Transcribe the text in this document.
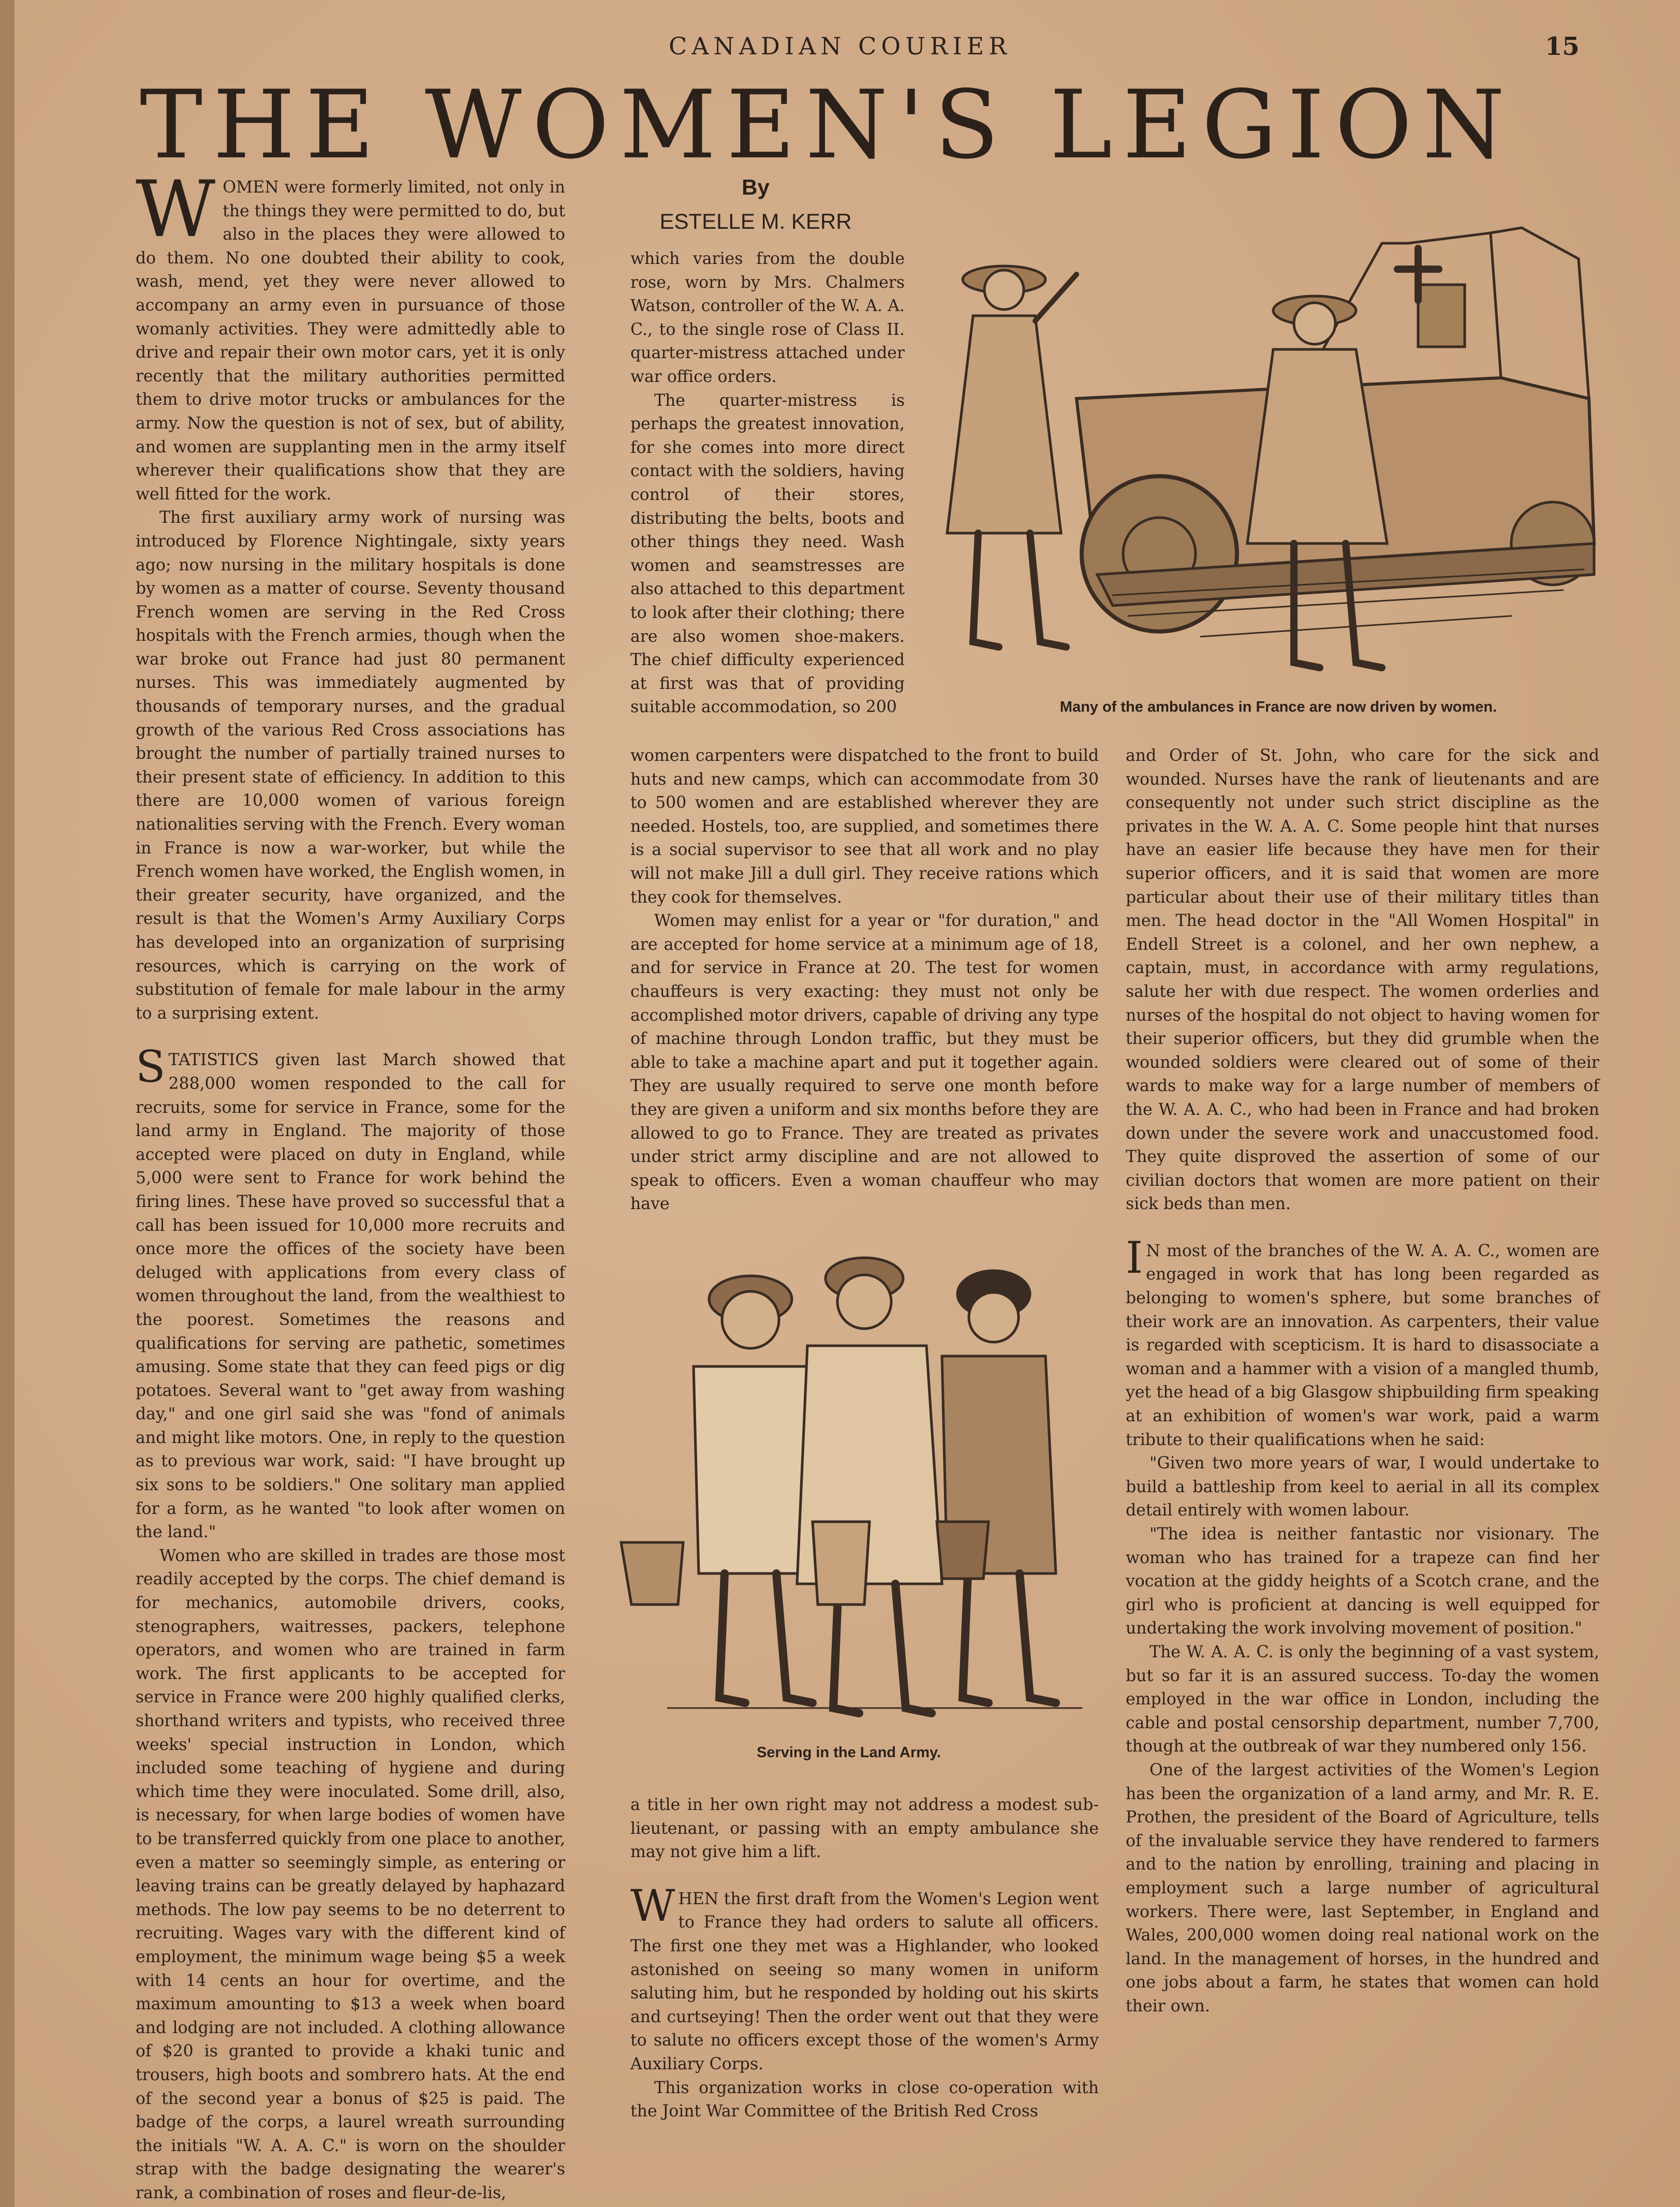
CANADIAN COURIER	15
THE WOMEN'S LEGION
By
ESTELLE M. KERR

WOMEN were formerly limited, not only in the things they were permitted to do, but also in the places they were allowed to do them. No one doubted their ability to cook, wash, mend, yet they were never allowed to accompany an army even in pursuance of those womanly activities. They were admittedly able to drive and repair their own motor cars, yet it is only recently that the military authorities permitted them to drive motor trucks or ambulances for the army. Now the question is not of sex, but of ability, and women are supplanting men in the army itself wherever their qualifications show that they are well fitted for the work.

The first auxiliary army work of nursing was introduced by Florence Nightingale, sixty years ago; now nursing in the military hospitals is done by women as a matter of course. Seventy thousand French women are serving in the Red Cross hospitals with the French armies, though when the war broke out France had just 80 permanent nurses. This was immediately augmented by thousands of temporary nurses, and the gradual growth of the various Red Cross associations has brought the number of partially trained nurses to their present state of efficiency. In addition to this there are 10,000 women of various foreign nationalities serving with the French. Every woman in France is now a war-worker, but while the French women have worked, the English women, in their greater security, have organized, and the result is that the Women's Army Auxiliary Corps has developed into an organization of surprising resources, which is carrying on the work of substitution of female for male labour in the army to a surprising extent.

STATISTICS given last March showed that 288,000 women responded to the call for recruits, some for service in France, some for the land army in England. The majority of those accepted were placed on duty in England, while 5,000 were sent to France for work behind the firing lines. These have proved so successful that a call has been issued for 10,000 more recruits and once more the offices of the society have been deluged with applications from every class of women throughout the land, from the wealthiest to the poorest. Sometimes the reasons and qualifications for serving are pathetic, sometimes amusing. Some state that they can feed pigs or dig potatoes. Several want to "get away from washing day," and one girl said she was "fond of animals and might like motors. One, in reply to the question as to previous war work, said: "I have brought up six sons to be soldiers." One solitary man applied for a form, as he wanted "to look after women on the land."

Women who are skilled in trades are those most readily accepted by the corps. The chief demand is for mechanics, automobile drivers, cooks, stenographers, waitresses, packers, telephone operators, and women who are trained in farm work. The first applicants to be accepted for service in France were 200 highly qualified clerks, shorthand writers and typists, who received three weeks' special instruction in London, which included some teaching of hygiene and during which time they were inoculated. Some drill, also, is necessary, for when large bodies of women have to be transferred quickly from one place to another, even a matter so seemingly simple, as entering or leaving trains can be greatly delayed by haphazard methods. The low pay seems to be no deterrent to recruiting. Wages vary with the different kind of employment, the minimum wage being $5 a week with 14 cents an hour for overtime, and the maximum amounting to $13 a week when board and lodging are not included. A clothing allowance of $20 is granted to provide a khaki tunic and trousers, high boots and sombrero hats. At the end of the second year a bonus of $25 is paid. The badge of the corps, a laurel wreath surrounding the initials "W. A. A. C." is worn on the shoulder strap with the badge designating the wearer's rank, a combination of roses and fleur-de-lis,

which varies from the double rose, worn by Mrs. Chalmers Watson, controller of the W. A. A. C., to the single rose of Class II. quarter-mistress attached under war office orders.

The quarter-mistress is perhaps the greatest innovation, for she comes into more direct contact with the soldiers, having control of their stores, distributing the belts, boots and other things they need. Wash women and seamstresses are also attached to this department to look after their clothing; there are also women shoe-makers. The chief difficulty experienced at first was that of providing suitable accommodation, so 200	Many of the ambulances in France are now driven by women.

women carpenters were dispatched to the front to build huts and new camps, which can accommodate from 30 to 500 women and are established wherever they are needed. Hostels, too, are supplied, and sometimes there is a social supervisor to see that all work and no play will not make Jill a dull girl. They receive rations which they cook for themselves.

Women may enlist for a year or "for duration," and are accepted for home service at a minimum age of 18, and for service in France at 20. The test for women chauffeurs is very exacting: they must not only be accomplished motor drivers, capable of driving any type of machine through London traffic, but they must be able to take a machine apart and put it together again. They are usually required to serve one month before they are given a uniform and six months before they are allowed to go to France. They are treated as privates under strict army discipline and are not allowed to speak to officers. Even a woman chauffeur who may have

Serving in the Land Army.

a title in her own right may not address a modest sub-lieutenant, or passing with an empty ambulance she may not give him a lift.

WHEN the first draft from the Women's Legion went to France they had orders to salute all officers. The first one they met was a Highlander, who looked astonished on seeing so many women in uniform saluting him, but he responded by holding out his skirts and curtseying! Then the order went out that they were to salute no officers except those of the women's Army Auxiliary Corps.

This organization works in close co-operation with the Joint War Committee of the British Red Cross

and Order of St. John, who care for the sick and wounded. Nurses have the rank of lieutenants and are consequently not under such strict discipline as the privates in the W. A. A. C. Some people hint that nurses have an easier life because they have men for their superior officers, and it is said that women are more particular about their use of their military titles than men. The head doctor in the "All Women Hospital" in Endell Street is a colonel, and her own nephew, a captain, must, in accordance with army regulations, salute her with due respect. The women orderlies and nurses of the hospital do not object to having women for their superior officers, but they did grumble when the wounded soldiers were cleared out of some of their wards to make way for a large number of members of the W. A. A. C., who had been in France and had broken down under the severe work and unaccustomed food. They quite disproved the assertion of some of our civilian doctors that women are more patient on their sick beds than men.

I N most of the branches of the W. A. A. C., women are engaged in work that has long been regarded as belonging to women's sphere, but some branches of their work are an innovation. As carpenters, their value is regarded with scepticism. It is hard to disassociate a woman and a hammer with a vision of a mangled thumb, yet the head of a big Glasgow shipbuilding firm speaking at an exhibition of women's war work, paid a warm tribute to their qualifications when he said:

"Given two more years of war, I would undertake to build a battleship from keel to aerial in all its complex detail entirely with women labour.

"The idea is neither fantastic nor visionary. The woman who has trained for a trapeze can find her vocation at the giddy heights of a Scotch crane, and the girl who is proficient at dancing is well equipped for undertaking the work involving movement of position."

The W. A. A. C. is only the beginning of a vast system, but so far it is an assured success. To-day the women employed in the war office in London, including the cable and postal censorship department, number 7,700, though at the outbreak of war they numbered only 156.

One of the largest activities of the Women's Legion has been the organization of a land army, and Mr. R. E. Prothen, the president of the Board of Agriculture, tells of the invaluable service they have rendered to farmers and to the nation by enrolling, training and placing in employment such a large number of agricultural workers. There were, last September, in England and Wales, 200,000 women doing real national work on the land. In the management of horses, in the hundred and one jobs about a farm, he states that women can hold their own.
